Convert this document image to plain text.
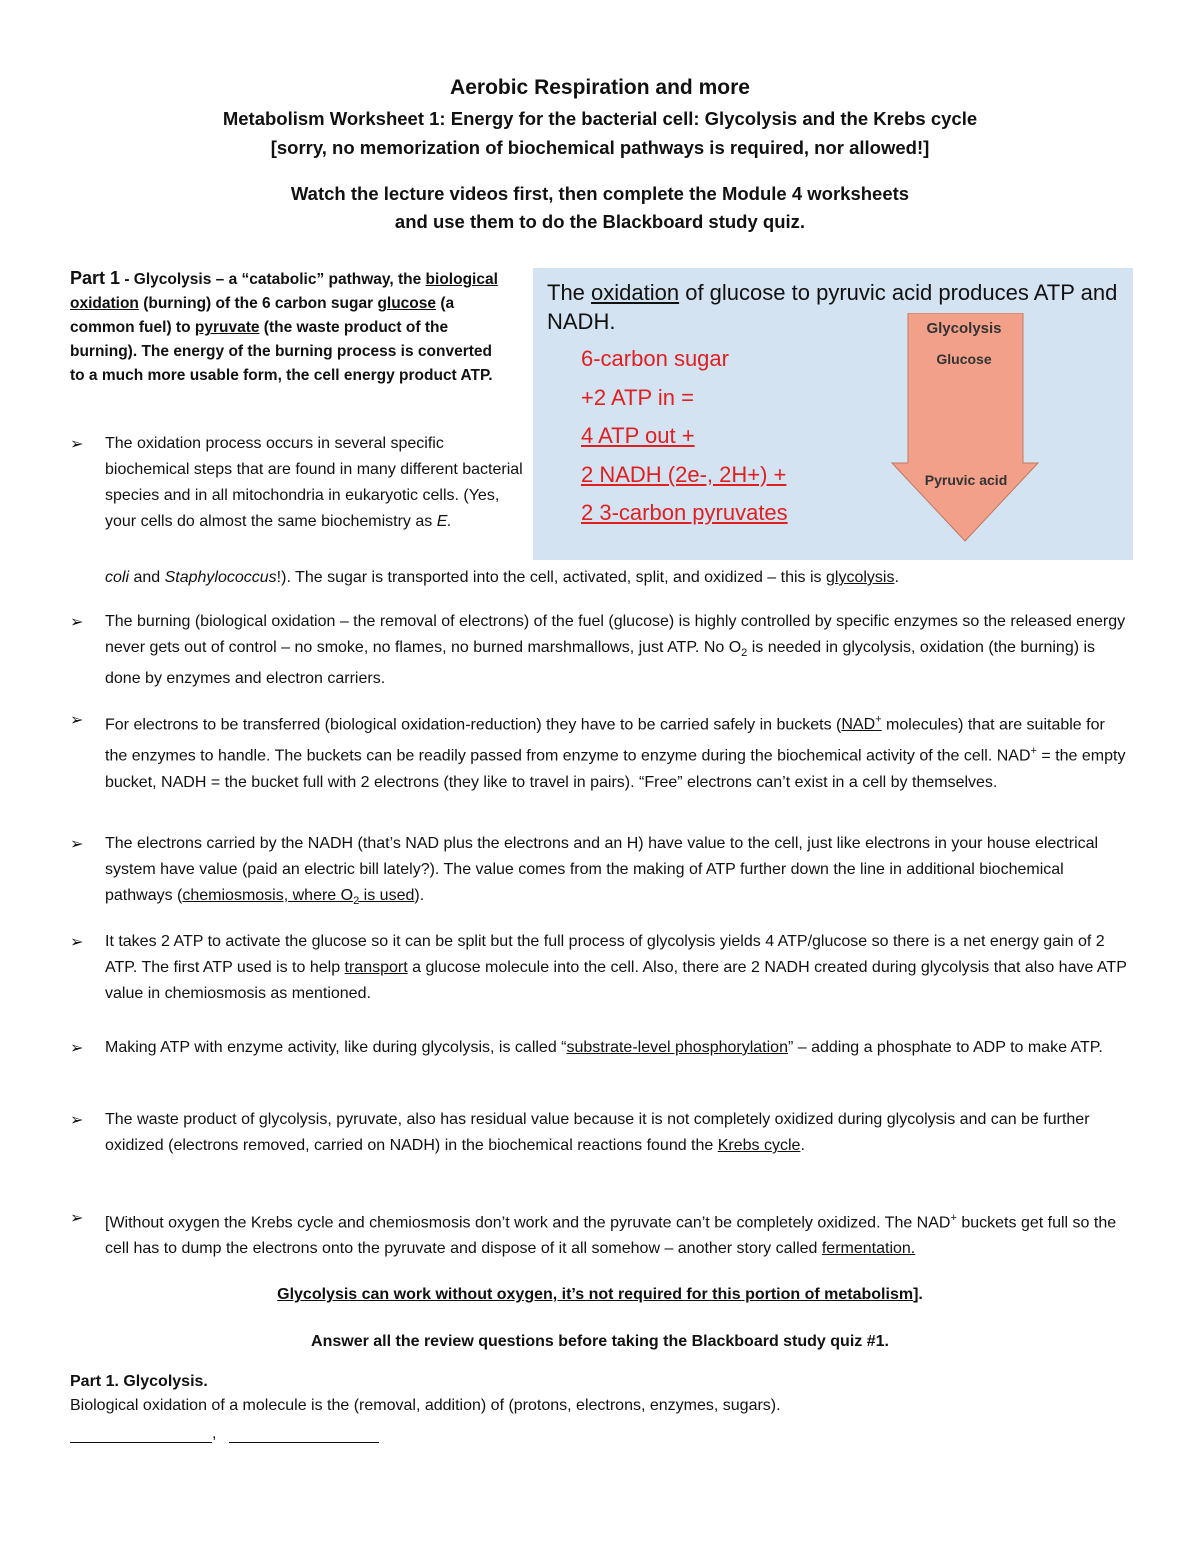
Aerobic Respiration and more
Metabolism Worksheet 1: Energy for the bacterial cell: Glycolysis and the Krebs cycle
[sorry, no memorization of biochemical pathways is required, nor allowed!]
Watch the lecture videos first, then complete the Module 4 worksheets
and use them to do the Blackboard study quiz.
Part 1 - Glycolysis – a “catabolic” pathway, the biological oxidation (burning) of the 6 carbon sugar glucose (a common fuel) to pyruvate (the waste product of the burning). The energy of the burning process is converted to a much more usable form, the cell energy product ATP.
The oxidation of glucose to pyruvic acid produces ATP and NADH.
6-carbon sugar
+2 ATP in =
4 ATP out +
2 NADH (2e-, 2H+) +
2 3-carbon pyruvates
Glycolysis
Glucose
Pyruvic acid
➢	The oxidation process occurs in several specific biochemical steps that are found in many different bacterial species and in all mitochondria in eukaryotic cells. (Yes, your cells do almost the same biochemistry as E.
coli and Staphylococcus!). The sugar is transported into the cell, activated, split, and oxidized – this is glycolysis.
➢	The burning (biological oxidation – the removal of electrons) of the fuel (glucose) is highly controlled by specific enzymes so the released energy never gets out of control – no smoke, no flames, no burned marshmallows, just ATP. No $O_2$ is needed in glycolysis, oxidation (the burning) is done by enzymes and electron carriers.
➢	For electrons to be transferred (biological oxidation-reduction) they have to be carried safely in buckets (NAD+ molecules) that are suitable for the enzymes to handle. The buckets can be readily passed from enzyme to enzyme during the biochemical activity of the cell. NAD+ = the empty bucket, NADH = the bucket full with 2 electrons (they like to travel in pairs). “Free” electrons can’t exist in a cell by themselves.
➢	The electrons carried by the NADH (that’s NAD plus the electrons and an H) have value to the cell, just like electrons in your house electrical system have value (paid an electric bill lately?). The value comes from the making of ATP further down the line in additional biochemical pathways (chemiosmosis, where $O_2$ is used).
➢	It takes 2 ATP to activate the glucose so it can be split but the full process of glycolysis yields 4 ATP/glucose so there is a net energy gain of 2 ATP. The first ATP used is to help transport a glucose molecule into the cell. Also, there are 2 NADH created during glycolysis that also have ATP value in chemiosmosis as mentioned.
➢	Making ATP with enzyme activity, like during glycolysis, is called “substrate-level phosphorylation” – adding a phosphate to ADP to make ATP.
➢	The waste product of glycolysis, pyruvate, also has residual value because it is not completely oxidized during glycolysis and can be further oxidized (electrons removed, carried on NADH) in the biochemical reactions found the Krebs cycle.
➢	[Without oxygen the Krebs cycle and chemiosmosis don’t work and the pyruvate can’t be completely oxidized. The NAD+ buckets get full so the cell has to dump the electrons onto the pyruvate and dispose of it all somehow – another story called fermentation.
Glycolysis can work without oxygen, it’s not required for this portion of metabolism].
Answer all the review questions before taking the Blackboard study quiz #1.
Part 1. Glycolysis.
Biological oxidation of a molecule is the (removal, addition) of (protons, electrons, enzymes, sugars).
,
